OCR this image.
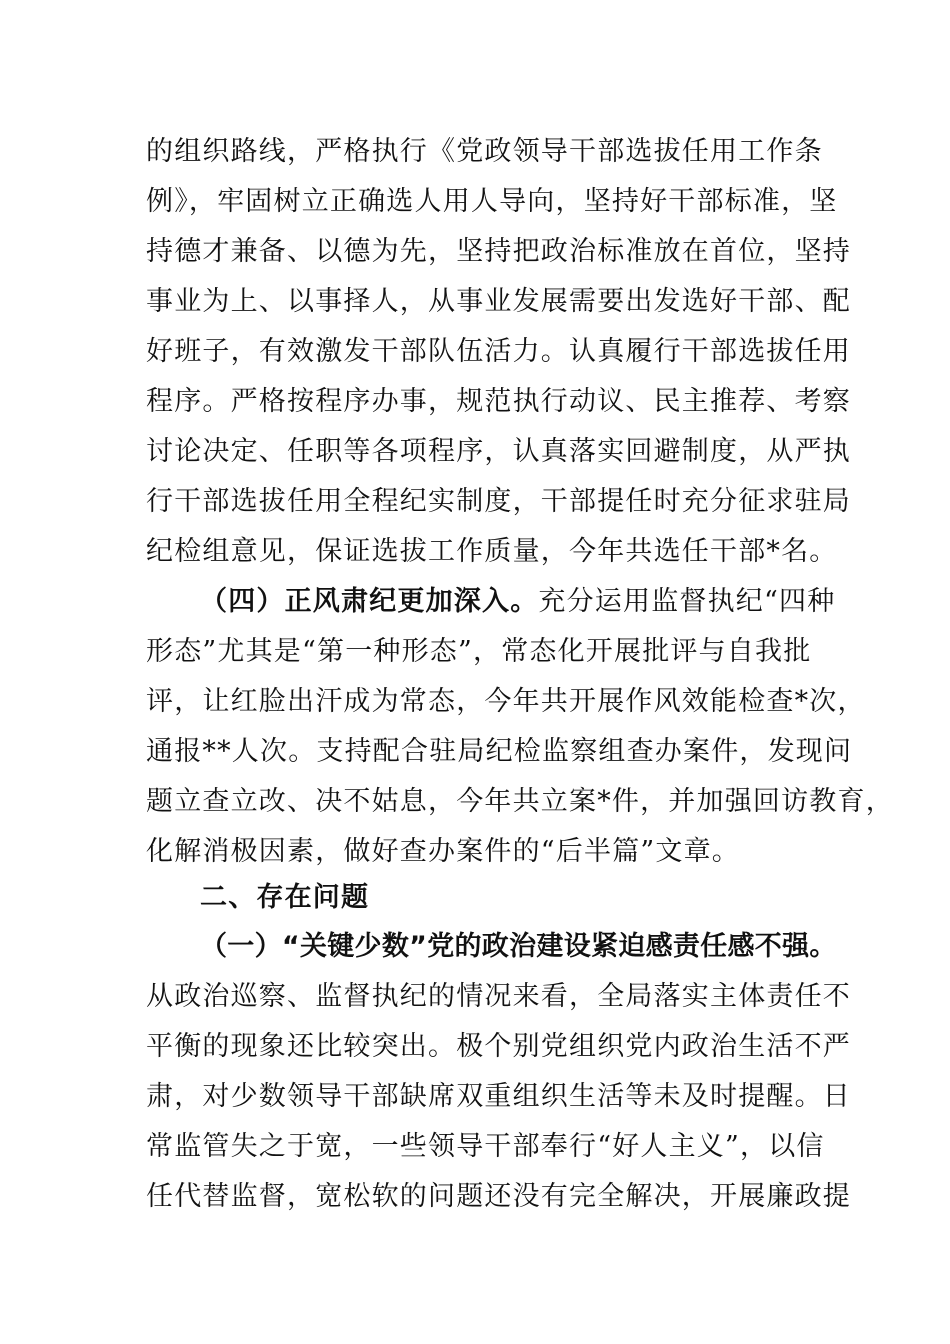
的组织路线，严格执行《党政领导干部选拔任用工作条
例》，牢固树立正确选人用人导向，坚持好干部标准，坚
持德才兼备、以德为先，坚持把政治标准放在首位，坚持
事业为上、以事择人，从事业发展需要出发选好干部、配
好班子，有效激发干部队伍活力。认真履行干部选拔任用
程序。严格按程序办事，规范执行动议、民主推荐、考察
讨论决定、任职等各项程序，认真落实回避制度，从严执
行干部选拔任用全程纪实制度，干部提任时充分征求驻局
纪检组意见，保证选拔工作质量，今年共选任干部*名。
（四）正风肃纪更加深入。充分运用监督执纪“四种
形态”尤其是“第一种形态”，常态化开展批评与自我批
评，让红脸出汗成为常态，今年共开展作风效能检查*次，
通报**人次。支持配合驻局纪检监察组查办案件，发现问
题立查立改、决不姑息，今年共立案*件，并加强回访教育，
化解消极因素，做好查办案件的“后半篇”文章。
二、存在问题
（一）“关键少数”党的政治建设紧迫感责任感不强。
从政治巡察、监督执纪的情况来看，全局落实主体责任不
平衡的现象还比较突出。极个别党组织党内政治生活不严
肃，对少数领导干部缺席双重组织生活等未及时提醒。日
常监管失之于宽，一些领导干部奉行“好人主义”，以信
任代替监督，宽松软的问题还没有完全解决，开展廉政提
